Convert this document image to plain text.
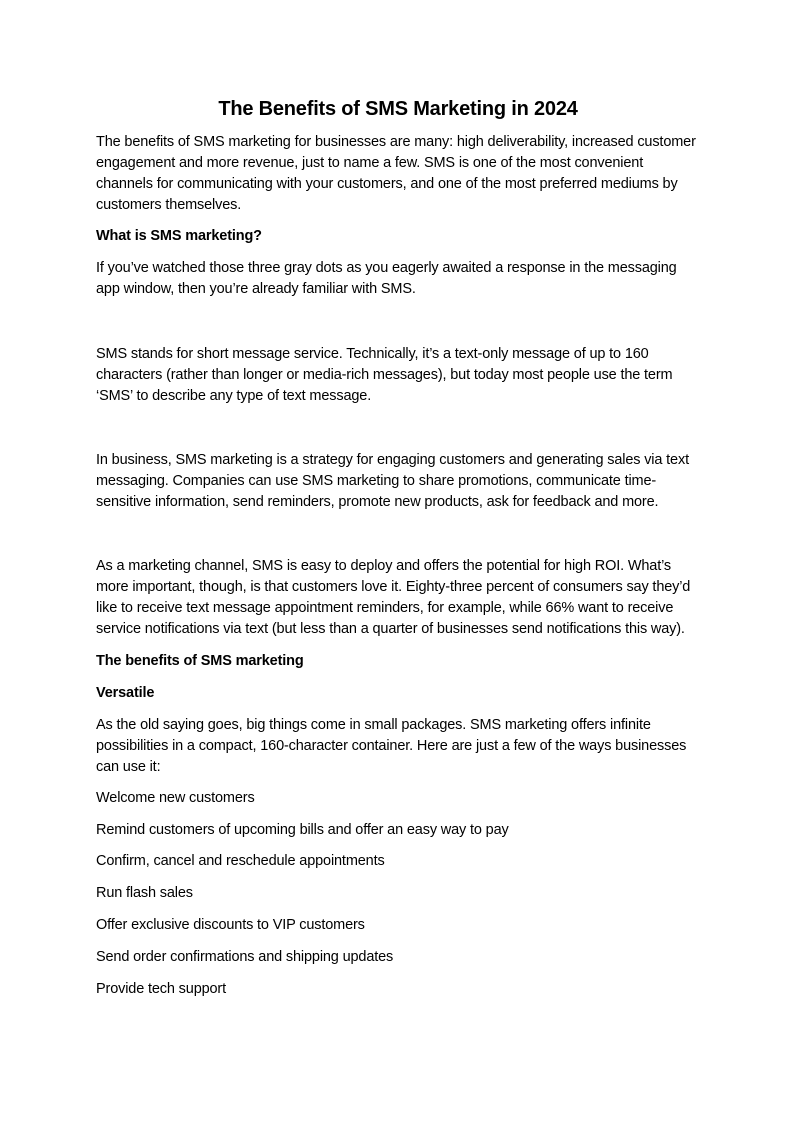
The Benefits of SMS Marketing in 2024

The benefits of SMS marketing for businesses are many: high deliverability, increased customer engagement and more revenue, just to name a few. SMS is one of the most convenient channels for communicating with your customers, and one of the most preferred mediums by customers themselves.

What is SMS marketing?

If you’ve watched those three gray dots as you eagerly awaited a response in the messaging app window, then you’re already familiar with SMS.

SMS stands for short message service. Technically, it’s a text-only message of up to 160 characters (rather than longer or media-rich messages), but today most people use the term ‘SMS’ to describe any type of text message.

In business, SMS marketing is a strategy for engaging customers and generating sales via text messaging. Companies can use SMS marketing to share promotions, communicate time-sensitive information, send reminders, promote new products, ask for feedback and more.

As a marketing channel, SMS is easy to deploy and offers the potential for high ROI. What’s more important, though, is that customers love it. Eighty-three percent of consumers say they’d like to receive text message appointment reminders, for example, while 66% want to receive service notifications via text (but less than a quarter of businesses send notifications this way).

The benefits of SMS marketing
Versatile

As the old saying goes, big things come in small packages. SMS marketing offers infinite possibilities in a compact, 160-character container. Here are just a few of the ways businesses can use it:

Welcome new customers

Remind customers of upcoming bills and offer an easy way to pay

Confirm, cancel and reschedule appointments

Run flash sales

Offer exclusive discounts to VIP customers

Send order confirmations and shipping updates

Provide tech support
